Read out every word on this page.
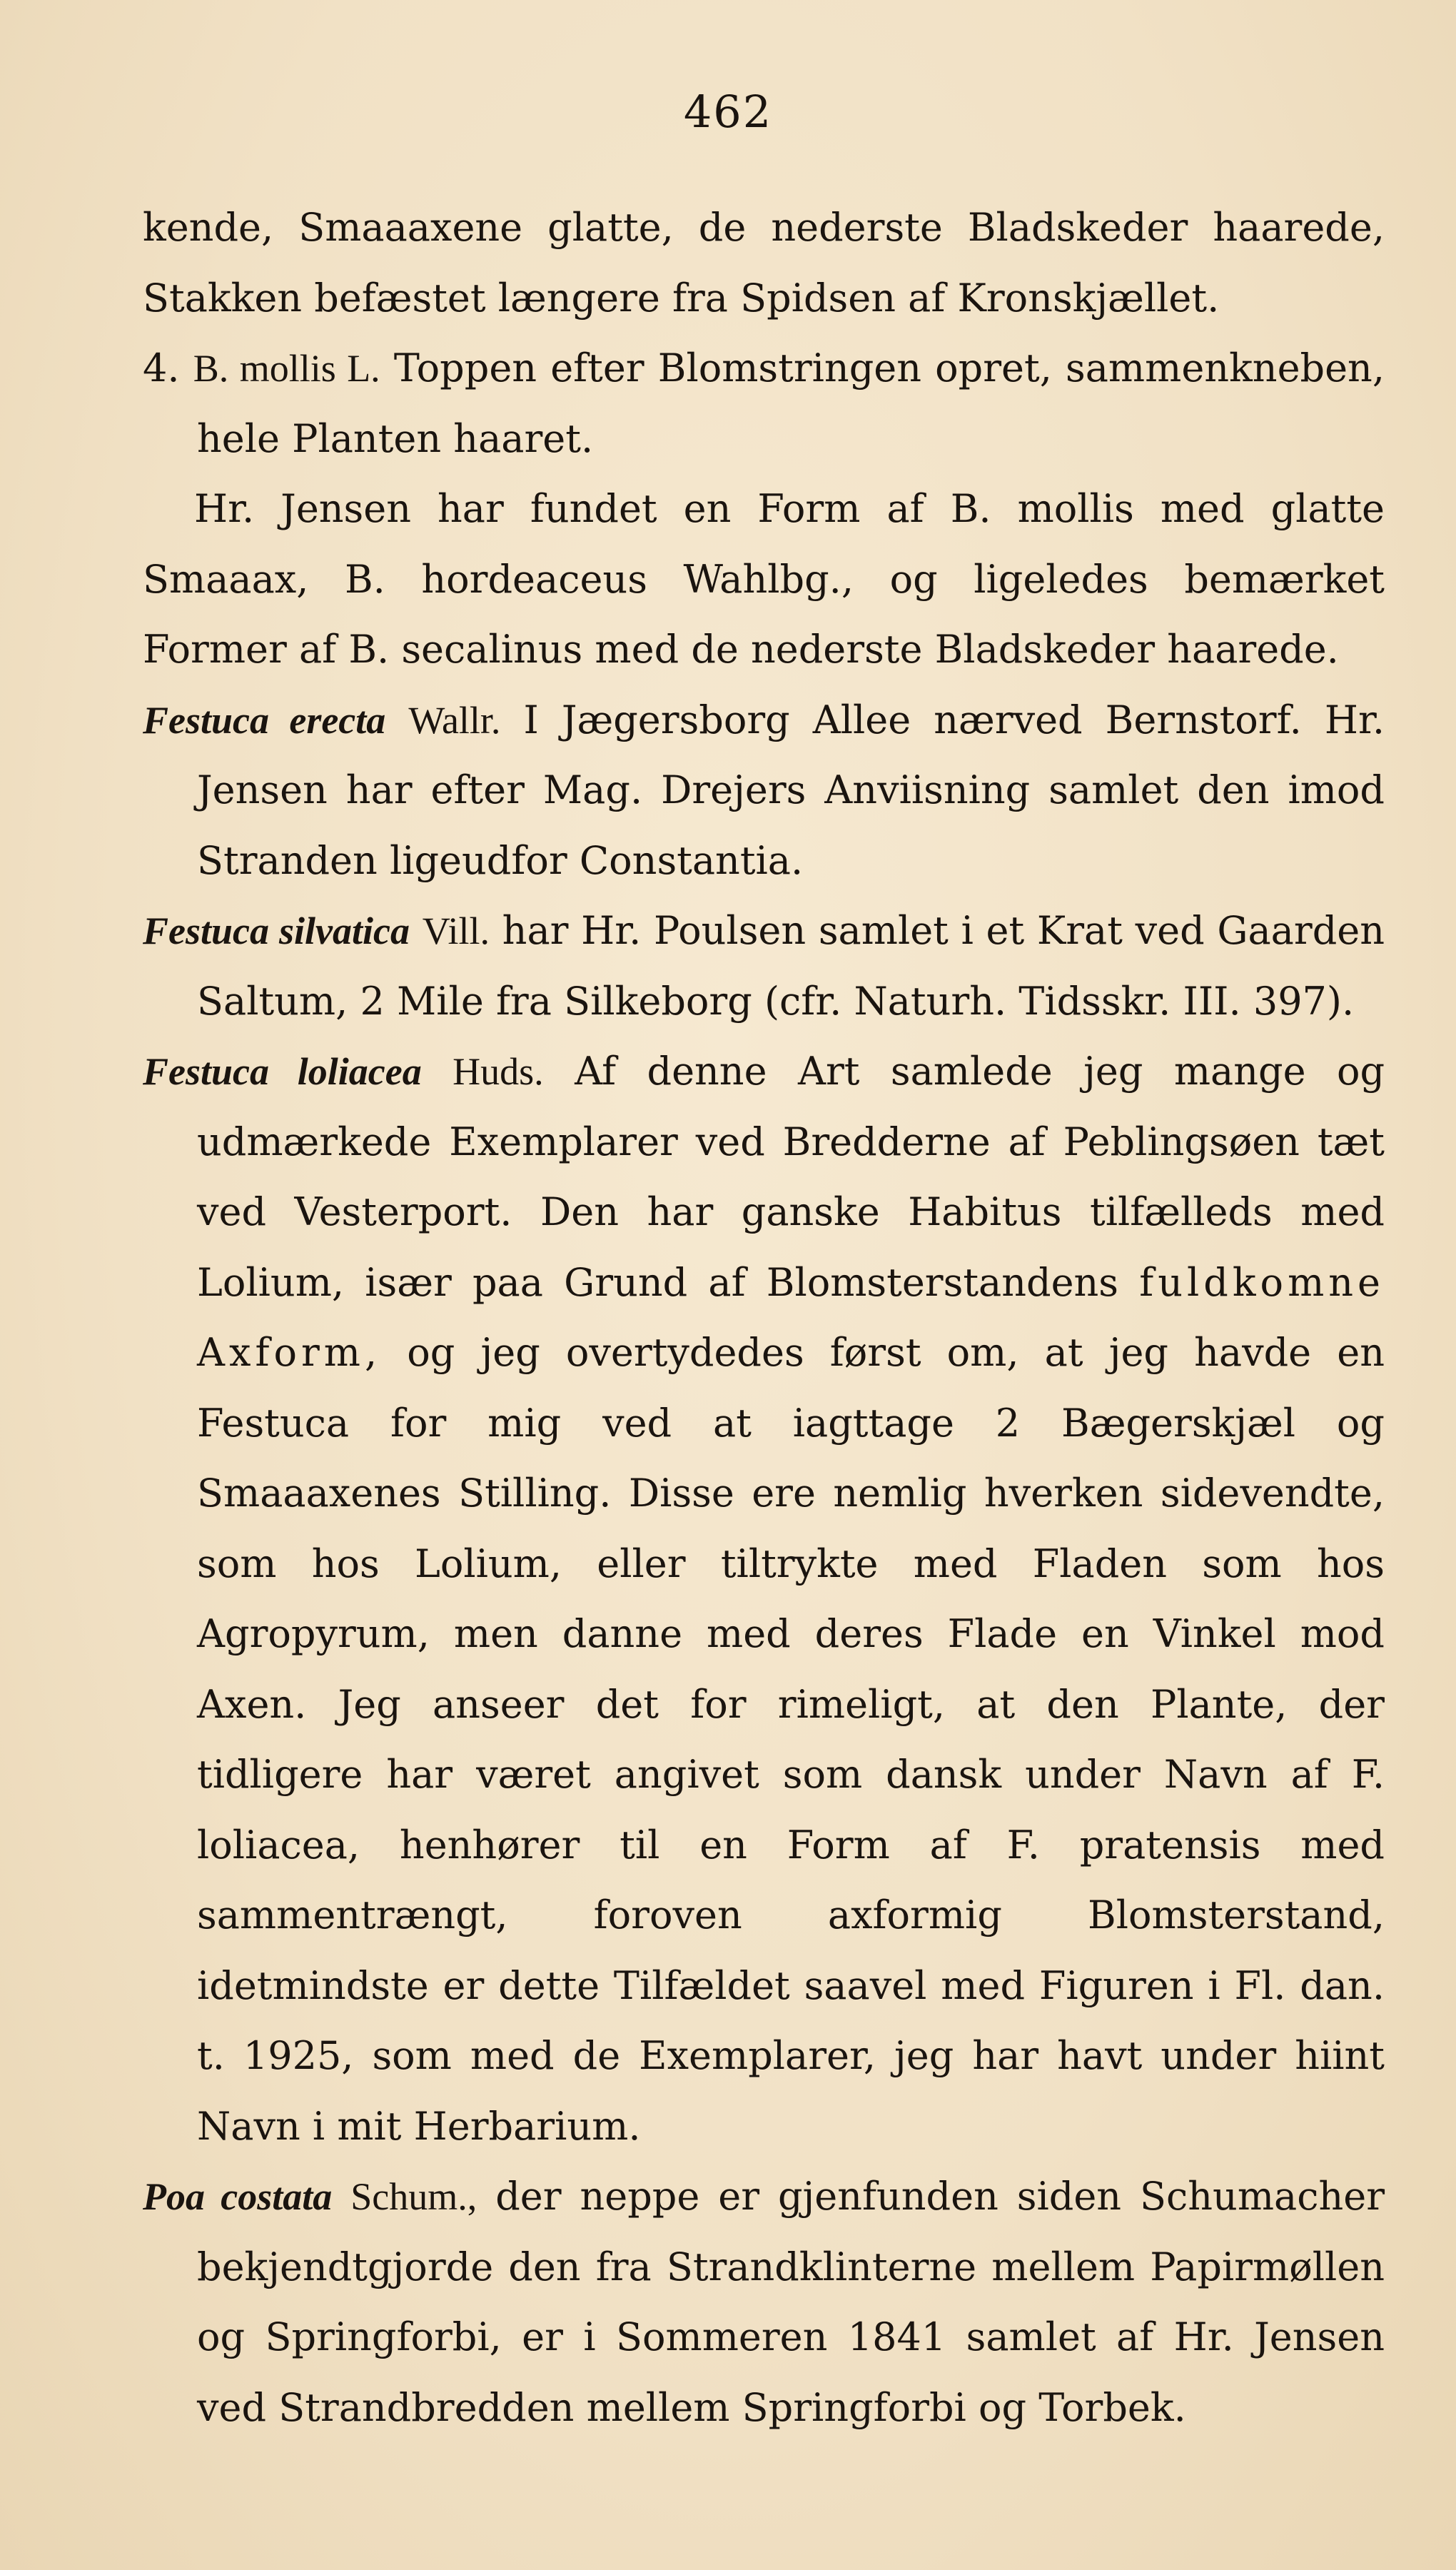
462

kende, Smaaaxene glatte, de nederste Bladskeder haarede, Stakken befæstet længere fra Spidsen af Kronskjællet.

4. B. mollis L. Toppen efter Blomstringen opret, sammenkneben, hele Planten haaret.

Hr. Jensen har fundet en Form af B. mollis med glatte Smaaax, B. hordeaceus Wahlbg., og ligeledes bemærket Former af B. secalinus med de nederste Bladskeder haarede.

Festuca erecta Wallr. I Jægersborg Allee nærved Bernstorf. Hr. Jensen har efter Mag. Drejers Anviisning samlet den imod Stranden ligeudfor Constantia.

Festuca silvatica Vill. har Hr. Poulsen samlet i et Krat ved Gaarden Saltum, 2 Mile fra Silkeborg (cfr. Naturh. Tidsskr. III. 397).

Festuca loliacea Huds. Af denne Art samlede jeg mange og udmærkede Exemplarer ved Bredderne af Peblingsøen tæt ved Vesterport. Den har ganske Habitus tilfælleds med Lolium, især paa Grund af Blomsterstandens fuldkomne Axform, og jeg overtydedes først om, at jeg havde en Festuca for mig ved at iagttage 2 Bægerskjæl og Smaaaxenes Stilling. Disse ere nemlig hverken sidevendte, som hos Lolium, eller tiltrykte med Fladen som hos Agropyrum, men danne med deres Flade en Vinkel mod Axen. Jeg anseer det for rimeligt, at den Plante, der tidligere har været angivet som dansk under Navn af F. loliacea, henhører til en Form af F. pratensis med sammentrængt, foroven axformig Blomsterstand, idetmindste er dette Tilfældet saavel med Figuren i Fl. dan. t. 1925, som med de Exemplarer, jeg har havt under hiint Navn i mit Herbarium.

Poa costata Schum., der neppe er gjenfunden siden Schumacher bekjendtgjorde den fra Strandklinterne mellem Papirmøllen og Springforbi, er i Sommeren 1841 samlet af Hr. Jensen ved Strandbredden mellem Springforbi og Torbek.
